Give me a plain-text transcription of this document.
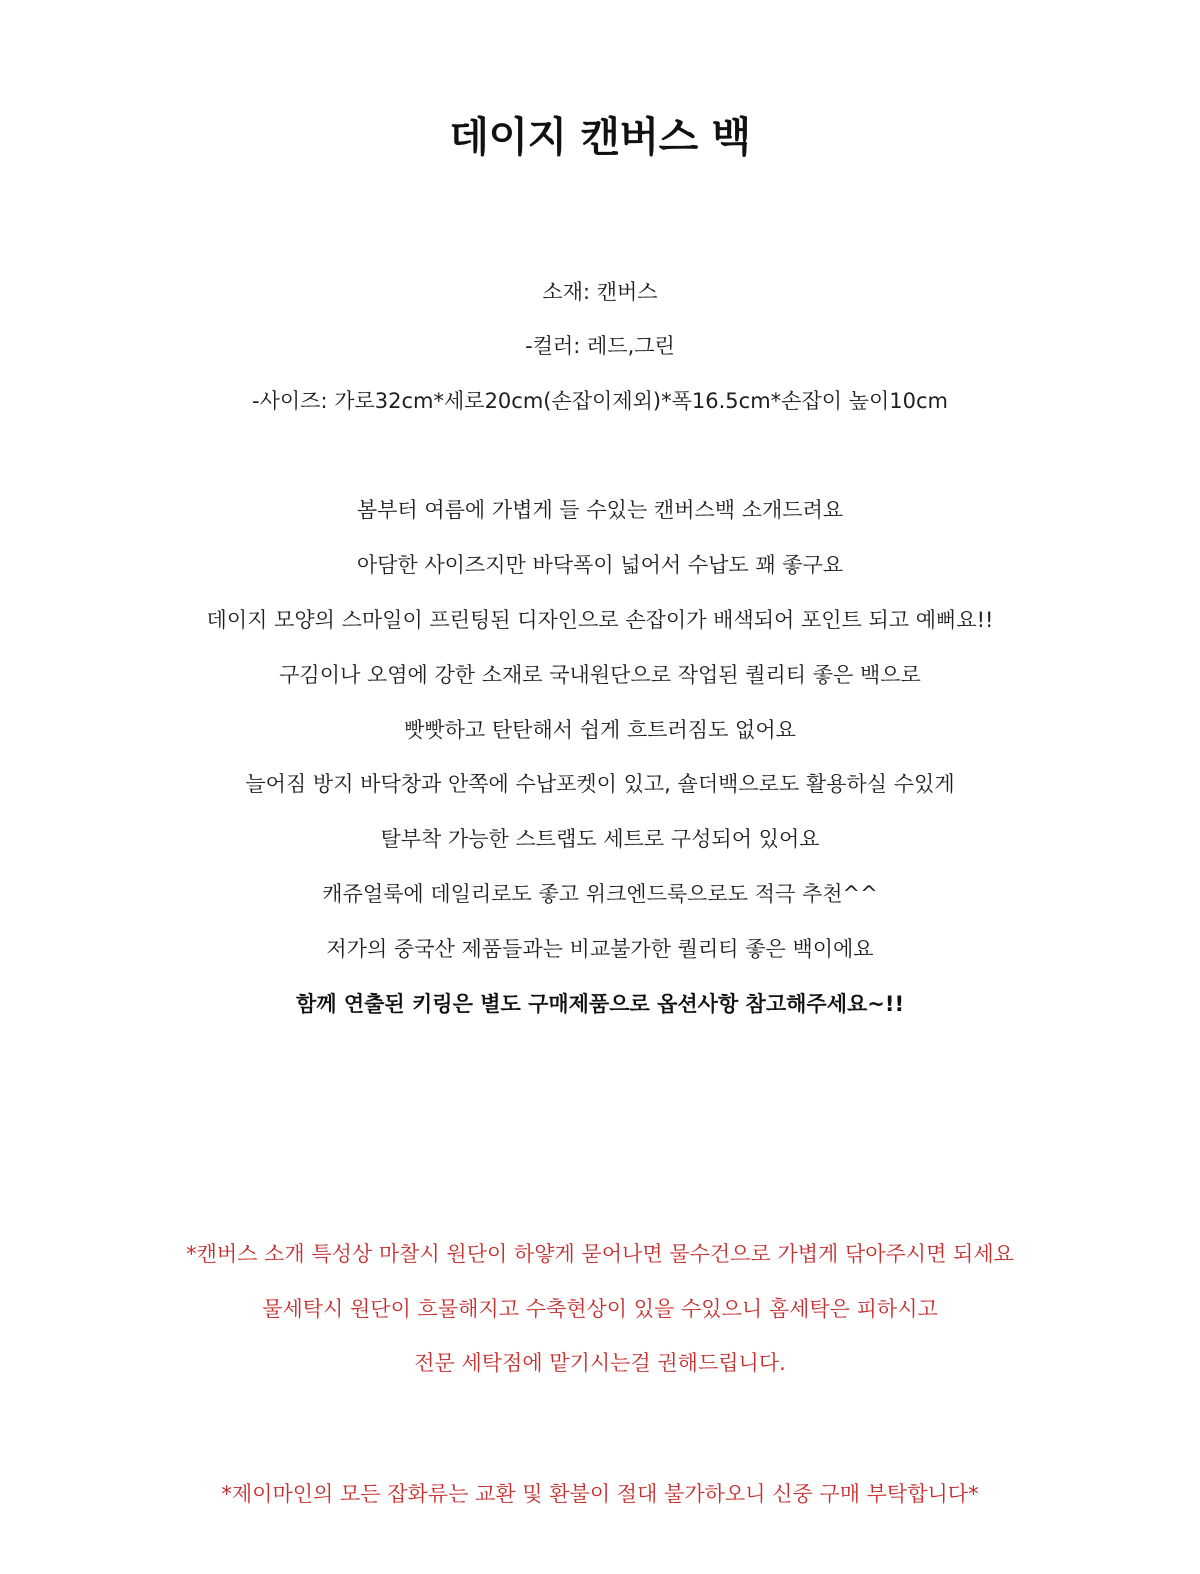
데이지 캔버스 백
소재: 캔버스
-컬러: 레드,그린
-사이즈: 가로32cm*세로20cm(손잡이제외)*폭16.5cm*손잡이 높이10cm
봄부터 여름에 가볍게 들 수있는 캔버스백 소개드려요
아담한 사이즈지만 바닥폭이 넓어서 수납도 꽤 좋구요
데이지 모양의 스마일이 프린팅된 디자인으로 손잡이가 배색되어 포인트 되고 예뻐요!!
구김이나 오염에 강한 소재로 국내원단으로 작업된 퀄리티 좋은 백으로
빳빳하고 탄탄해서 쉽게 흐트러짐도 없어요
늘어짐 방지 바닥창과 안쪽에 수납포켓이 있고, 숄더백으로도 활용하실 수있게
탈부착 가능한 스트랩도 세트로 구성되어 있어요
캐쥬얼룩에 데일리로도 좋고 위크엔드룩으로도 적극 추천^^
저가의 중국산 제품들과는 비교불가한 퀄리티 좋은 백이에요
함께 연출된 키링은 별도 구매제품으로 옵션사항 참고해주세요~!!
*캔버스 소개 특성상 마찰시 원단이 하얗게 묻어나면 물수건으로 가볍게 닦아주시면 되세요
물세탁시 원단이 흐물해지고 수축현상이 있을 수있으니 홈세탁은 피하시고
전문 세탁점에 맡기시는걸 권해드립니다.
*제이마인의 모든 잡화류는 교환 및 환불이 절대 불가하오니 신중 구매 부탁합니다*
